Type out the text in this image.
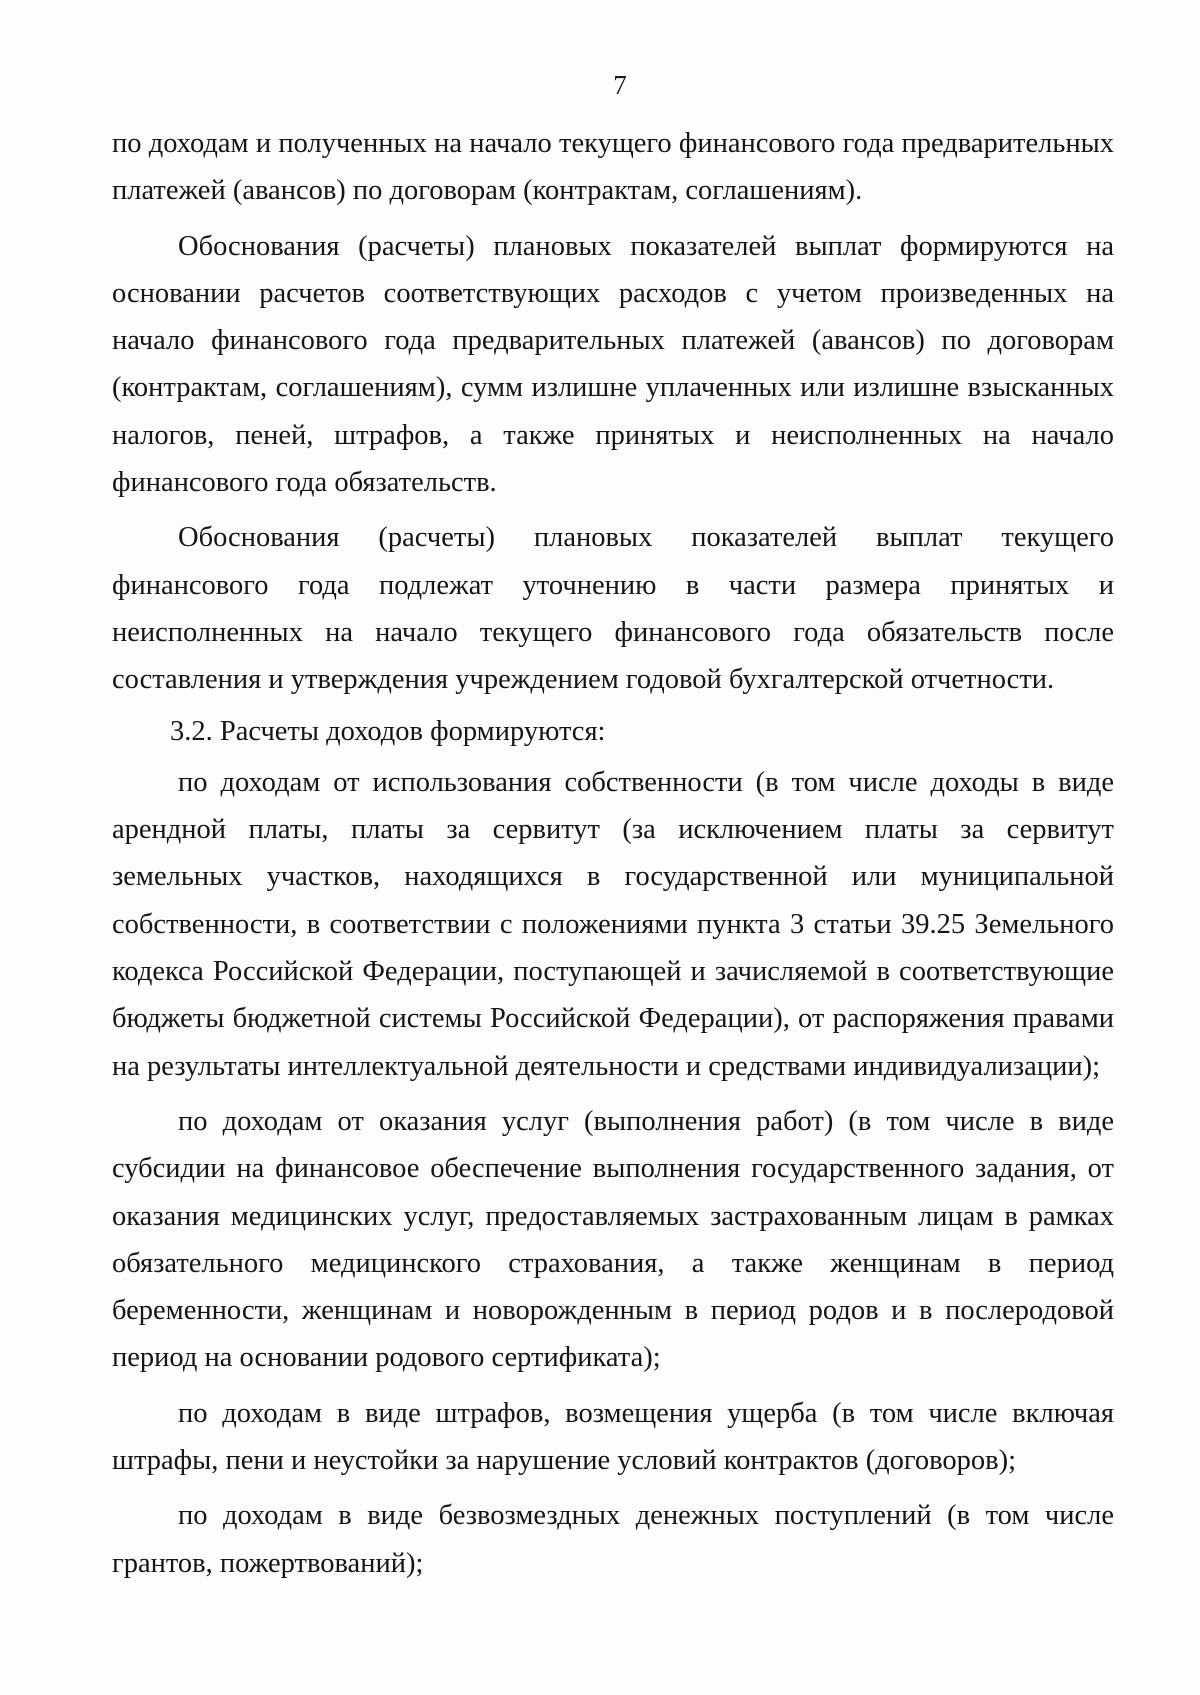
7

по доходам и полученных на начало текущего финансового года предварительных платежей (авансов) по договорам (контрактам, соглашениям).

Обоснования (расчеты) плановых показателей выплат формируются на основании расчетов соответствующих расходов с учетом произведенных на начало финансового года предварительных платежей (авансов) по договорам (контрактам, соглашениям), сумм излишне уплаченных или излишне взысканных налогов, пеней, штрафов, а также принятых и неисполненных на начало финансового года обязательств.

Обоснования (расчеты) плановых показателей выплат текущего финансового года подлежат уточнению в части размера принятых и неисполненных на начало текущего финансового года обязательств после составления и утверждения учреждением годовой бухгалтерской отчетности.

3.2. Расчеты доходов формируются:

по доходам от использования собственности (в том числе доходы в виде арендной платы, платы за сервитут (за исключением платы за сервитут земельных участков, находящихся в государственной или муниципальной собственности, в соответствии с положениями пункта 3 статьи 39.25 Земельного кодекса Российской Федерации, поступающей и зачисляемой в соответствующие бюджеты бюджетной системы Российской Федерации), от распоряжения правами на результаты интеллектуальной деятельности и средствами индивидуализации);

по доходам от оказания услуг (выполнения работ) (в том числе в виде субсидии на финансовое обеспечение выполнения государственного задания, от оказания медицинских услуг, предоставляемых застрахованным лицам в рамках обязательного медицинского страхования, а также женщинам в период беременности, женщинам и новорожденным в период родов и в послеродовой период на основании родового сертификата);

по доходам в виде штрафов, возмещения ущерба (в том числе включая штрафы, пени и неустойки за нарушение условий контрактов (договоров);

по доходам в виде безвозмездных денежных поступлений (в том числе грантов, пожертвований);
